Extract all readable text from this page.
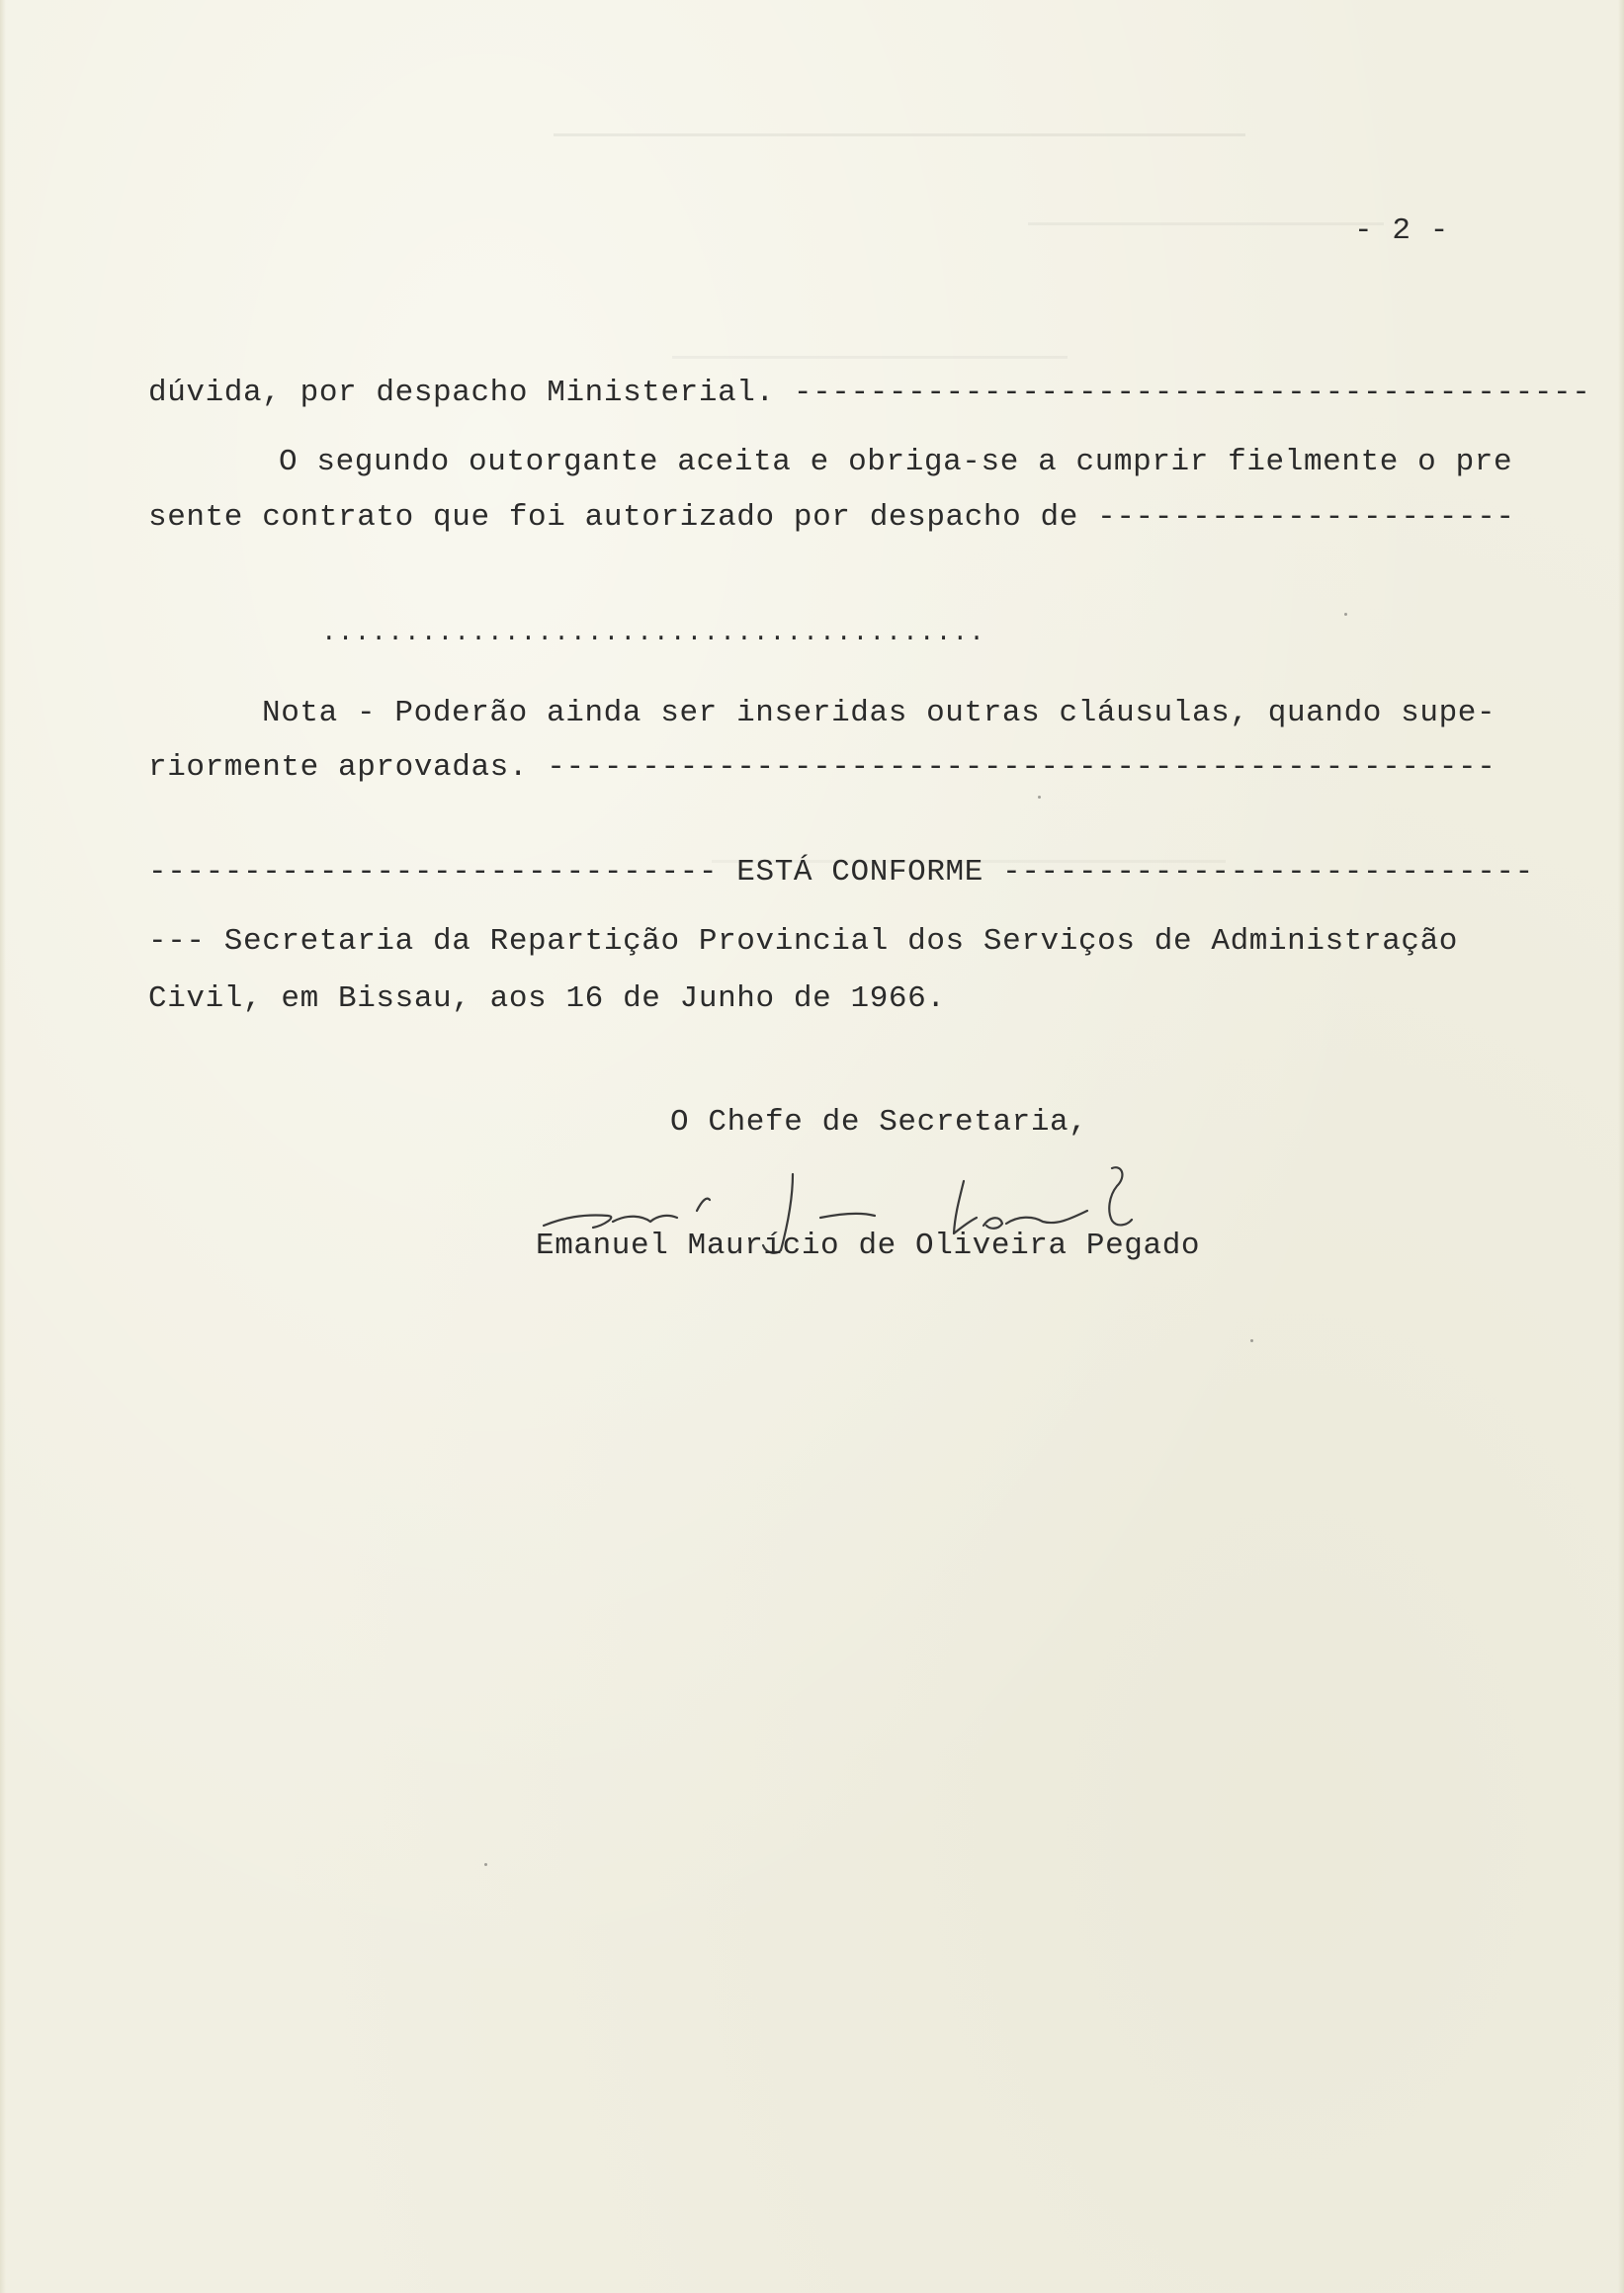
- 2 -
dúvida, por despacho Ministerial. ------------------------------------------
O segundo outorgante aceita e obriga-se a cumprir fielmente o pre
sente contrato que foi autorizado por despacho de ----------------------
........................................
Nota - Poderão ainda ser inseridas outras cláusulas, quando supe-
riormente aprovadas. --------------------------------------------------
------------------------------ ESTÁ CONFORME ----------------------------
--- Secretaria da Repartição Provincial dos Serviços de Administração
Civil, em Bissau, aos 16 de Junho de 1966.
O Chefe de Secretaria,
Emanuel Maurício de Oliveira Pegado
